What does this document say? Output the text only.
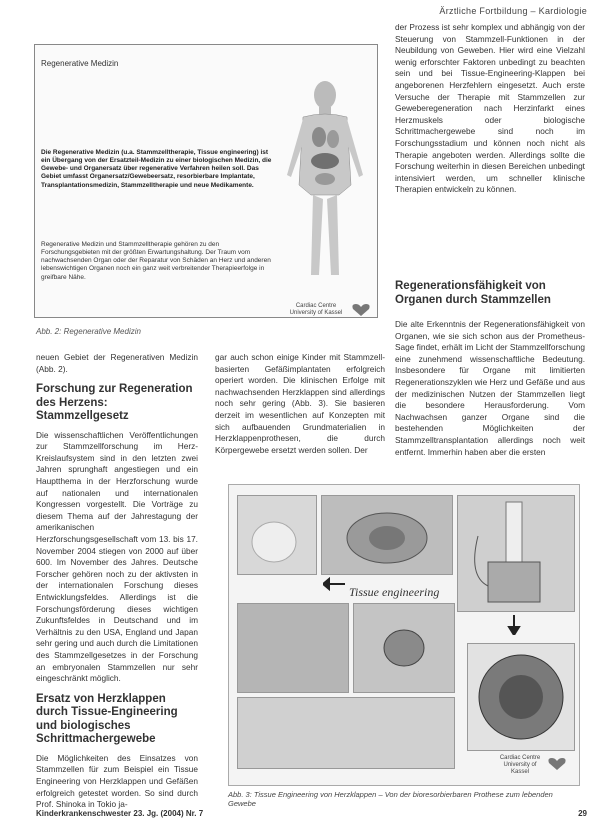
Ärztliche Fortbildung – Kardiologie
Regenerative Medizin
Die Regenerative Medizin (u.a. Stammzelltherapie, Tissue engineering) ist ein Übergang von der Ersatzteil-Medizin zu einer biologischen Medizin, die Gewebe- und Organersatz über regenerative Verfahren heilen soll. Das Gebiet umfasst Organersatz/Gewebeersatz, resorbierbare Implantate, Transplantationsmedizin, Stammzelltherapie und neue Medikamente.
Regenerative Medizin und Stammzelltherapie gehören zu den Forschungsgebieten mit der größten Erwartungshaltung. Der Traum vom nachwachsenden Organ oder der Reparatur von Schäden an Herz und anderen lebenswichtigen Organen noch ein ganz weit verbreitender Therapieerfolge in greifbare Nähe.
Cardiac Centre University of Kassel
Abb. 2: Regenerative Medizin

der Prozess ist sehr komplex und abhängig von der Steuerung von Stammzell-Funktionen in der Neubildung von Geweben. Hier wird eine Vielzahl wenig erforschter Faktoren unbedingt zu beachten sein und bei Tissue-Engineering-Klappen bei angeborenen Herzfehlern eingesetzt. Auch erste Versuche der Therapie mit Stammzellen zur Geweberegeneration nach Herzinfarkt eines Herzmuskels oder biologische Schrittmachergewebe sind noch im Forschungsstadium und können noch nicht als Therapie angeboten werden. Allerdings sollte die Forschung weiterhin in diesen Bereichen unbedingt intensiviert werden, um schneller klinische Therapien entwickeln zu können.

Regenerationsfähigkeit von Organen durch Stammzellen

Die alte Erkenntnis der Regenerationsfähigkeit von Organen, wie sie sich schon aus der Prometheus-Sage findet, erhält im Licht der Stammzellforschung eine zunehmend wissenschaftliche Bedeutung. Insbesondere für Organe mit limitierten Regenerationszyklen wie Herz und Gefäße und aus der medizinischen Nutzen der Stammzellen liegt die besondere Herausforderung. Vom Nachwachsen ganzer Organe sind die bestehenden Möglichkeiten der Stammzelltransplantation allerdings noch weit entfernt. Immerhin haben aber die ersten

neuen Gebiet der Regenerativen Medizin (Abb. 2).

Forschung zur Regeneration des Herzens: Stammzellgesetz

Die wissenschaftlichen Veröffentlichungen zur Stammzellforschung im Herz-Kreislaufsystem sind in den letzten zwei Jahren sprunghaft angestiegen und ein Hauptthema in der Herzforschung wurde auf nationalen und internationalen Kongressen vorgestellt. Die Vorträge zu diesem Thema auf der Jahrestagung der amerikanischen Herzforschungsgesellschaft vom 13. bis 17. November 2004 stiegen von 2000 auf über 600. Im November des Jahres. Deutsche Forscher gehören noch zu der aktivsten in der internationalen Forschung dieses Entwicklungsfeldes. Allerdings ist die Forschungsförderung dieses wichtigen Zukunftsfeldes in Deutschand und im Verhältnis zu den USA, England und Japan sehr gering und auch durch die Limitationen des Stammzellgesetzes in der Forschung an embryonalen Stammzellen nur sehr eingeschränkt möglich.

Ersatz von Herzklappen durch Tissue-Engineering und biologisches Schrittmachergewebe

Die Möglichkeiten des Einsatzes von Stammzellen für zum Beispiel ein Tissue Engineering von Herzklappen und Gefäßen erfolgreich getestet worden. So sind durch Prof. Shinoka in Tokio ja-

gar auch schon einige Kinder mit Stammzell-basierten Gefäßimplantaten erfolgreich operiert worden. Die klinischen Erfolge mit nachwachsenden Herzklappen sind allerdings noch sehr gering (Abb. 3). Sie basieren derzeit im wesentlichen auf Konzepten mit sich aufbauenden Grundmaterialien in Herzklappenprothesen, die durch Körpergewebe ersetzt werden sollen. Der

Tissue engineering
Cardiac Centre University of Kassel
Abb. 3: Tissue Engineering von Herzklappen – Von der bioresorbierbaren Prothese zum lebenden Gewebe
Kinderkrankenschwester 23. Jg. (2004) Nr. 7	29
